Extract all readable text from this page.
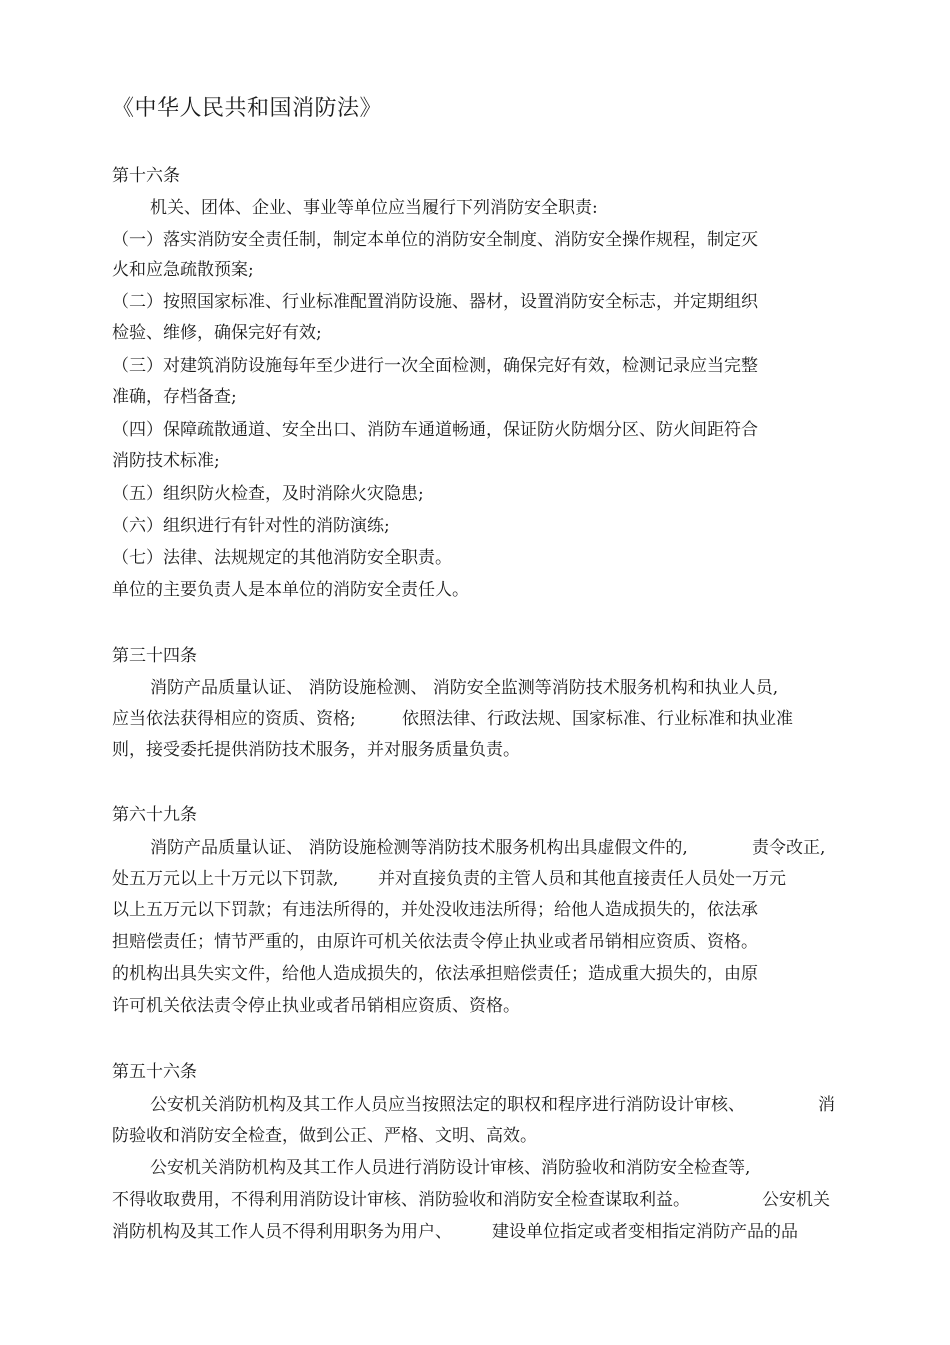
《中华人民共和国消防法》
第十六条
机关、团体、企业、事业等单位应当履行下列消防安全职责:
（一）落实消防安全责任制，制定本单位的消防安全制度、消防安全操作规程，制定灭
火和应急疏散预案;
（二）按照国家标准、行业标准配置消防设施、器材，设置消防安全标志，并定期组织
检验、维修，确保完好有效;
（三）对建筑消防设施每年至少进行一次全面检测，确保完好有效，检测记录应当完整
准确，存档备查;
（四）保障疏散通道、安全出口、消防车通道畅通，保证防火防烟分区、防火间距符合
消防技术标准;
（五）组织防火检查，及时消除火灾隐患;
（六）组织进行有针对性的消防演练;
（七）法律、法规规定的其他消防安全职责。
单位的主要负责人是本单位的消防安全责任人。
第三十四条
消防产品质量认证、 消防设施检测、 消防安全监测等消防技术服务机构和执业人员,
应当依法获得相应的资质、资格;	依照法律、行政法规、国家标准、行业标准和执业准
则，接受委托提供消防技术服务，并对服务质量负责。
第六十九条
消防产品质量认证、 消防设施检测等消防技术服务机构出具虚假文件的,	责令改正,
处五万元以上十万元以下罚款, 并对直接负责的主管人员和其他直接责任人员处一万元
以上五万元以下罚款；有违法所得的，并处没收违法所得；给他人造成损失的，依法承
担赔偿责任；情节严重的，由原许可机关依法责令停止执业或者吊销相应资质、资格。
的机构出具失实文件，给他人造成损失的，依法承担赔偿责任；造成重大损失的，由原
许可机关依法责令停止执业或者吊销相应资质、资格。
第五十六条
公安机关消防机构及其工作人员应当按照法定的职权和程序进行消防设计审核、	消
防验收和消防安全检查，做到公正、严格、文明、高效。
公安机关消防机构及其工作人员进行消防设计审核、消防验收和消防安全检查等,
不得收取费用，不得利用消防设计审核、消防验收和消防安全检查谋取利益。	公安机关
消防机构及其工作人员不得利用职务为用户、 建设单位指定或者变相指定消防产品的品
